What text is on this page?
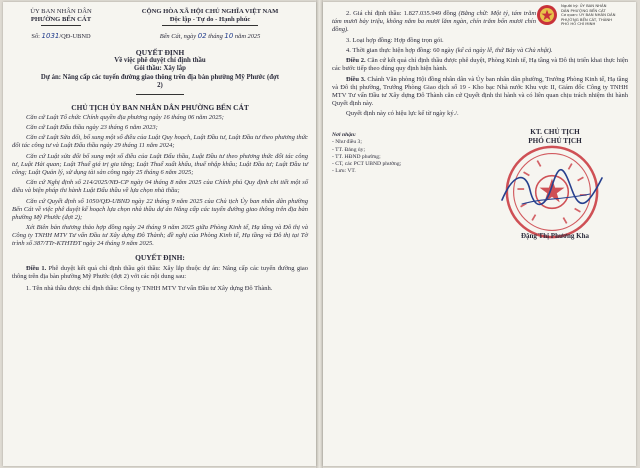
ỦY BAN NHÂN DÂN
PHƯỜNG BẾN CÁT
CỘNG HÒA XÃ HỘI CHỦ NGHĨA VIỆT NAM
Độc lập - Tự do - Hạnh phúc
Số: 1031/QĐ-UBND	Bến Cát, ngày 02 tháng 10 năm 2025
QUYẾT ĐỊNH
Về việc phê duyệt chỉ định thầu
Gói thầu: Xây lắp
Dự án: Nâng cấp các tuyến đường giao thông trên địa bàn phường Mỹ Phước (đợt 2)
CHỦ TỊCH ỦY BAN NHÂN DÂN PHƯỜNG BẾN CÁT

Căn cứ Luật Tổ chức Chính quyền địa phương ngày 16 tháng 06 năm 2025;

Căn cứ Luật Đấu thầu ngày 23 tháng 6 năm 2023;

Căn cứ Luật Sửa đổi, bổ sung một số điều của Luật Quy hoạch, Luật Đầu tư, Luật Đầu tư theo phương thức đối tác công tư và Luật Đấu thầu ngày 29 tháng 11 năm 2024;

Căn cứ Luật sửa đổi bổ sung một số điều của Luật Đấu thầu, Luật Đầu tư theo phương thức đối tác công tư, Luật Hải quan; Luật Thuế giá trị gia tăng; Luật Thuế xuất khẩu, thuế nhập khẩu; Luật Đầu tư; Luật Đầu tư công; Luật Quản lý, sử dụng tài sản công ngày 25 tháng 6 năm 2025;

Căn cứ Nghị định số 214/2025/NĐ-CP ngày 04 tháng 8 năm 2025 của Chính phủ Quy định chi tiết một số điều và biện pháp thi hành Luật Đấu thầu về lựa chọn nhà thầu;

Căn cứ Quyết định số 1050/QĐ-UBND ngày 22 tháng 9 năm 2025 của Chủ tịch Ủy ban nhân dân phường Bến Cát về việc phê duyệt kế hoạch lựa chọn nhà thầu dự án Nâng cấp các tuyến đường giao thông trên địa bàn phường Mỹ Phước (đợt 2);

Xét Biên bản thương thảo hợp đồng ngày 24 tháng 9 năm 2025 giữa Phòng Kinh tế, Hạ tầng và Đô thị và Công ty TNHH MTV Tư vấn Đầu tư Xây dựng Đô Thành; đề nghị của Phòng Kinh tế, Hạ tầng và Đô thị tại Tờ trình số 387/TTr-KTHTĐT ngày 24 tháng 9 năm 2025.

QUYẾT ĐỊNH:

Điều 1. Phê duyệt kết quả chỉ định thầu gói thầu: Xây lắp thuộc dự án: Nâng cấp các tuyến đường giao thông trên địa bàn phường Mỹ Phước (đợt 2) với các nội dung sau:

1. Tên nhà thầu được chỉ định thầu: Công ty TNHH MTV Tư vấn Đầu tư Xây dựng Đô Thành.

Người ký: ỦY BAN NHÂN
DÂN PHƯỜNG BẾN CÁT
Cơ quan: ỦY BAN NHÂN DÂN
PHƯỜNG BẾN CÁT, THÀNH
PHỐ HỒ CHÍ MINH

2. Giá chỉ định thầu: 1.827.035.949 đồng (Bằng chữ: Một tỷ, tám trăm tám mươi bảy triệu, không năm ba mươi lăm ngàn, chín trăm bốn mươi chín đồng).

3. Loại hợp đồng: Hợp đồng trọn gói.

4. Thời gian thực hiện hợp đồng: 60 ngày (kể cả ngày lễ, thứ Bảy và Chủ nhật).

Điều 2. Căn cứ kết quả chỉ định thầu được phê duyệt, Phòng Kinh tế, Hạ tầng và Đô thị triển khai thực hiện các bước tiếp theo đúng quy định hiện hành.

Điều 3. Chánh Văn phòng Hội đồng nhân dân và Ủy ban nhân dân phường, Trưởng Phòng Kinh tế, Hạ tầng và Đô thị phường, Trưởng Phòng Giao dịch số 19 - Kho bạc Nhà nước Khu vực II, Giám đốc Công ty TNHH MTV Tư vấn Đầu tư Xây dựng Đô Thành căn cứ Quyết định thi hành và có liên quan chịu trách nhiệm thi hành Quyết định này.

Quyết định này có hiệu lực kể từ ngày ký./.

Nơi nhận:
- Như điều 3;
- TT. Đảng ủy;
- TT. HĐND phường;
- CT, các PCT UBND phường;
- Lưu: VT.
KT. CHỦ TỊCH
PHÓ CHỦ TỊCH
Đặng Thị Phương Kha
